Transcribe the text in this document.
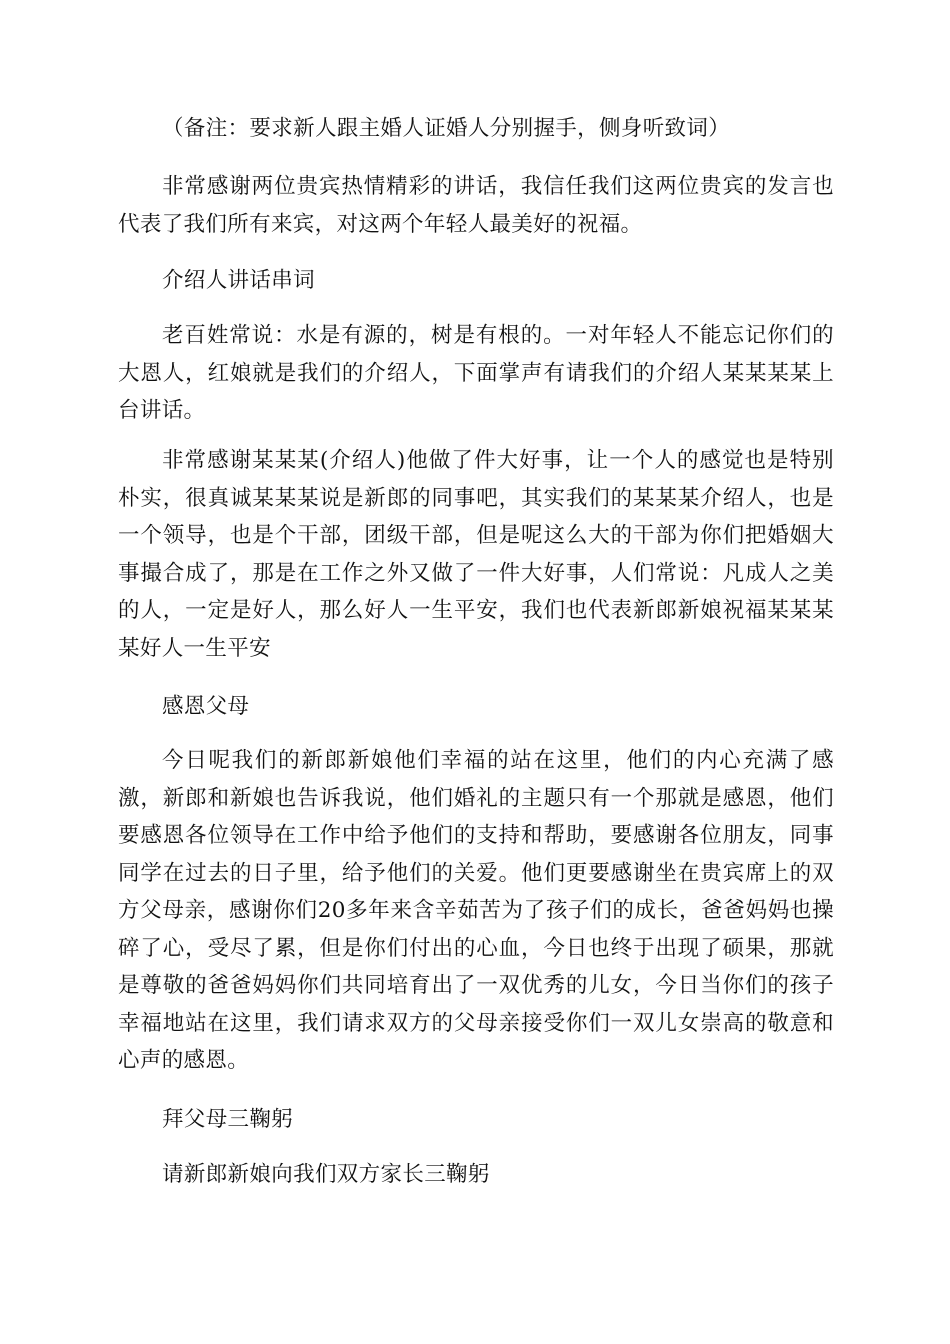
（备注：要求新人跟主婚人证婚人分别握手，侧身听致词）

非常感谢两位贵宾热情精彩的讲话，我信任我们这两位贵宾的发言也代表了我们所有来宾，对这两个年轻人最美好的祝福。

介绍人讲话串词

老百姓常说：水是有源的，树是有根的。一对年轻人不能忘记你们的大恩人，红娘就是我们的介绍人，下面掌声有请我们的介绍人某某某某上台讲话。

非常感谢某某某(介绍人)他做了件大好事，让一个人的感觉也是特别朴实，很真诚某某某说是新郎的同事吧，其实我们的某某某介绍人，也是一个领导，也是个干部，团级干部，但是呢这么大的干部为你们把婚姻大事撮合成了，那是在工作之外又做了一件大好事，人们常说：凡成人之美的人，一定是好人，那么好人一生平安，我们也代表新郎新娘祝福某某某某好人一生平安

感恩父母

今日呢我们的新郎新娘他们幸福的站在这里，他们的内心充满了感激，新郎和新娘也告诉我说，他们婚礼的主题只有一个那就是感恩，他们要感恩各位领导在工作中给予他们的支持和帮助，要感谢各位朋友，同事同学在过去的日子里，给予他们的关爱。他们更要感谢坐在贵宾席上的双方父母亲，感谢你们20多年来含辛茹苦为了孩子们的成长，爸爸妈妈也操碎了心，受尽了累，但是你们付出的心血，今日也终于出现了硕果，那就是尊敬的爸爸妈妈你们共同培育出了一双优秀的儿女，今日当你们的孩子幸福地站在这里，我们请求双方的父母亲接受你们一双儿女崇高的敬意和心声的感恩。

拜父母三鞠躬

请新郎新娘向我们双方家长三鞠躬
